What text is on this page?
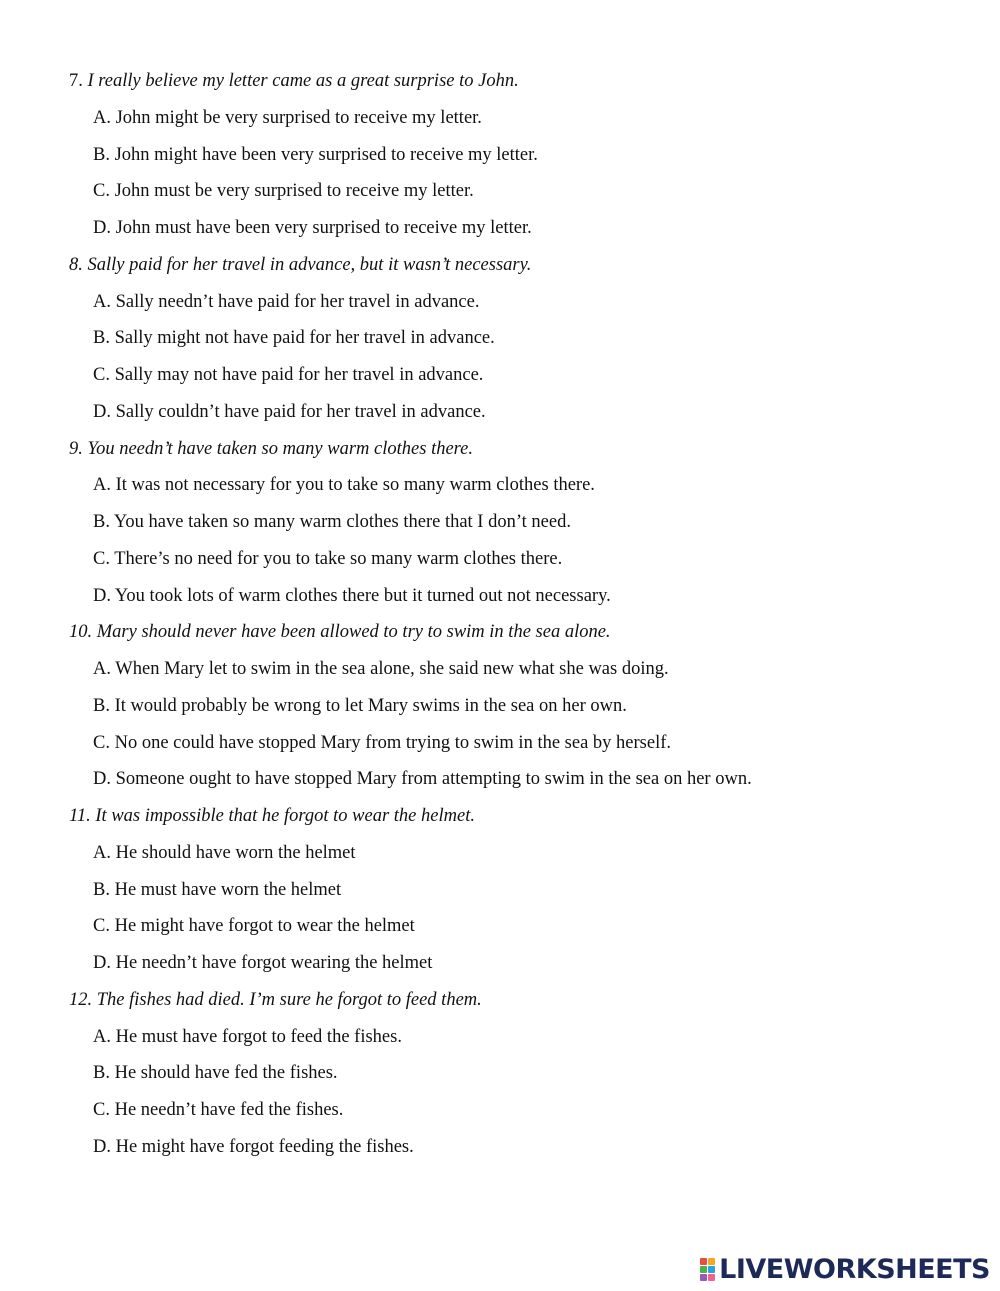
7. I really believe my letter came as a great surprise to John.
A. John might be very surprised to receive my letter.
B. John might have been very surprised to receive my letter.
C. John must be very surprised to receive my letter.
D. John must have been very surprised to receive my letter.
8. Sally paid for her travel in advance, but it wasn’t necessary.
A. Sally needn’t have paid for her travel in advance.
B. Sally might not have paid for her travel in advance.
C. Sally may not have paid for her travel in advance.
D. Sally couldn’t have paid for her travel in advance.
9. You needn’t have taken so many warm clothes there.
A. It was not necessary for you to take so many warm clothes there.
B. You have taken so many warm clothes there that I don’t need.
C. There’s no need for you to take so many warm clothes there.
D. You took lots of warm clothes there but it turned out not necessary.
10. Mary should never have been allowed to try to swim in the sea alone.
A. When Mary let to swim in the sea alone, she said new what she was doing.
B. It would probably be wrong to let Mary swims in the sea on her own.
C. No one could have stopped Mary from trying to swim in the sea by herself.
D. Someone ought to have stopped Mary from attempting to swim in the sea on her own.
11. It was impossible that he forgot to wear the helmet.
A. He should have worn the helmet
B. He must have worn the helmet
C. He might have forgot to wear the helmet
D. He needn’t have forgot wearing the helmet
12. The fishes had died. I’m sure he forgot to feed them.
A. He must have forgot to feed the fishes.
B. He should have fed the fishes.
C. He needn’t have fed the fishes.
D. He might have forgot feeding the fishes.
LIVEWORKSHEETS
